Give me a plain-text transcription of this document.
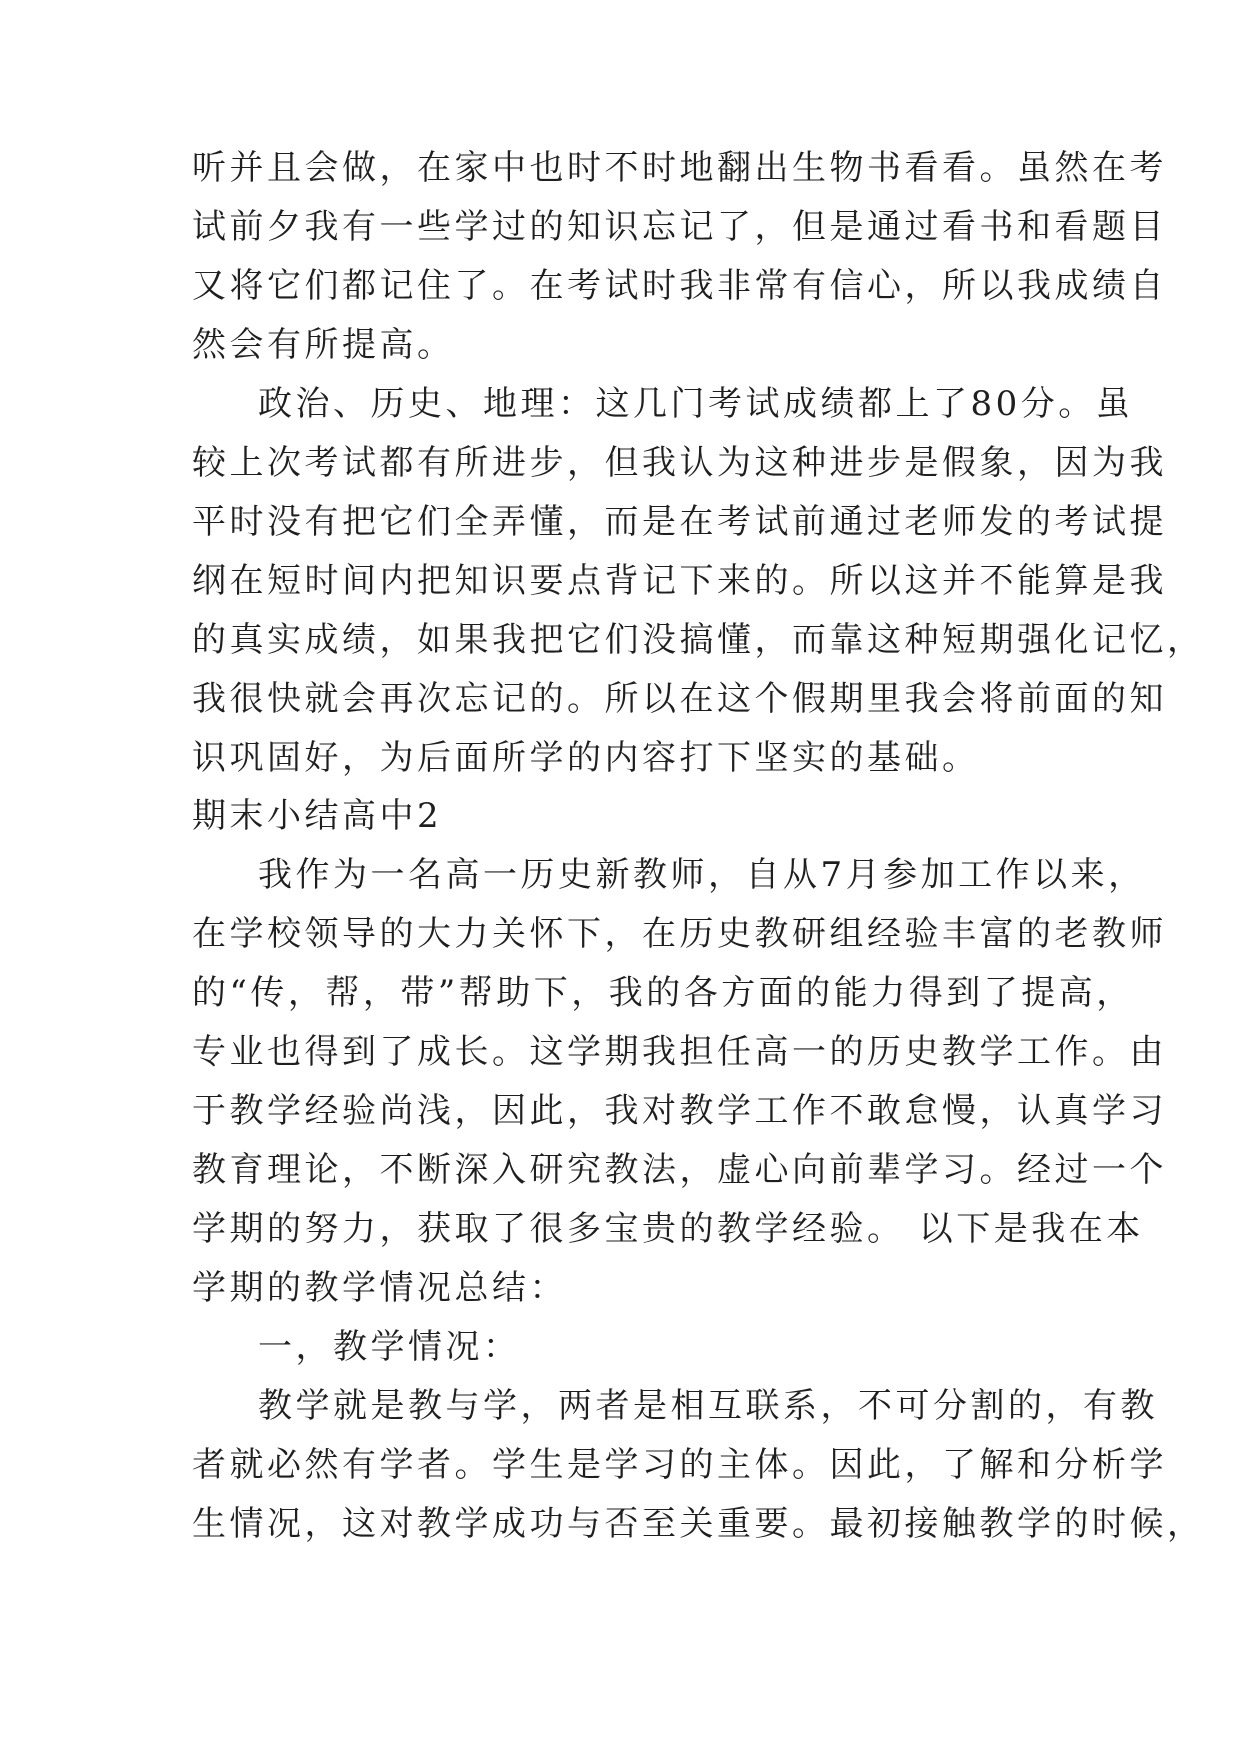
听并且会做，在家中也时不时地翻出生物书看看。虽然在考
试前夕我有一些学过的知识忘记了，但是通过看书和看题目
又将它们都记住了。在考试时我非常有信心，所以我成绩自
然会有所提高。
政治、历史、地理：这几门考试成绩都上了80分。虽
较上次考试都有所进步，但我认为这种进步是假象，因为我
平时没有把它们全弄懂，而是在考试前通过老师发的考试提
纲在短时间内把知识要点背记下来的。所以这并不能算是我
的真实成绩，如果我把它们没搞懂，而靠这种短期强化记忆，
我很快就会再次忘记的。所以在这个假期里我会将前面的知
识巩固好，为后面所学的内容打下坚实的基础。
期末小结高中2
我作为一名高一历史新教师，自从7月参加工作以来，
在学校领导的大力关怀下，在历史教研组经验丰富的老教师
的“传，帮，带”帮助下，我的各方面的能力得到了提高，
专业也得到了成长。这学期我担任高一的历史教学工作。由
于教学经验尚浅，因此，我对教学工作不敢怠慢，认真学习
教育理论，不断深入研究教法，虚心向前辈学习。经过一个
学期的努力，获取了很多宝贵的教学经验。 以下是我在本
学期的教学情况总结：
一，教学情况：
教学就是教与学，两者是相互联系，不可分割的，有教
者就必然有学者。学生是学习的主体。因此，了解和分析学
生情况，这对教学成功与否至关重要。最初接触教学的时候，
